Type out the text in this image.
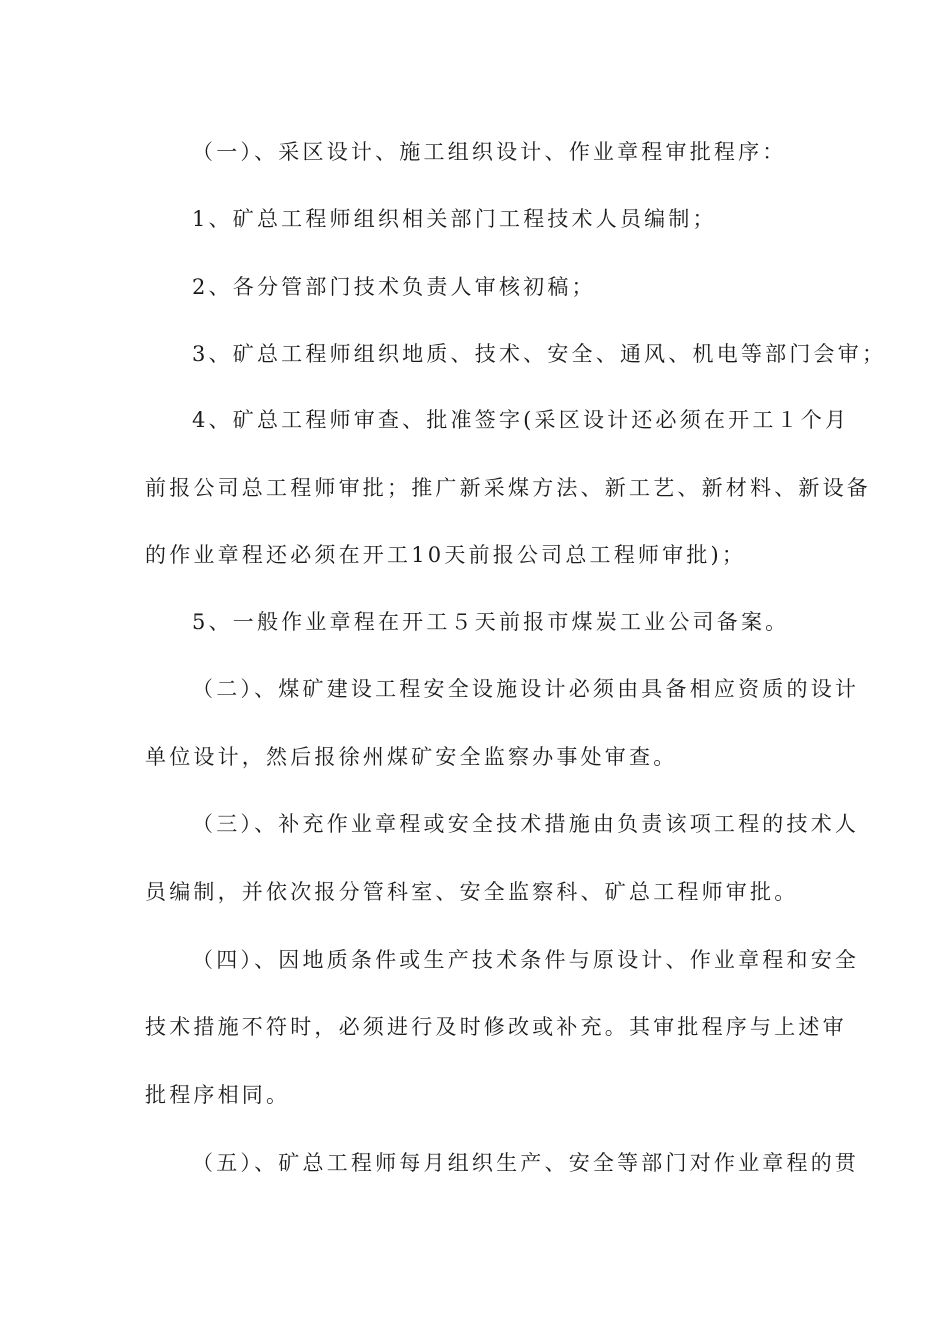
（一）、采区设计、施工组织设计、作业章程审批程序：
1、矿总工程师组织相关部门工程技术人员编制；
2、各分管部门技术负责人审核初稿；
3、矿总工程师组织地质、技术、安全、通风、机电等部门会审；
4、矿总工程师审查、批准签字(采区设计还必须在开工１个月
前报公司总工程师审批；推广新采煤方法、新工艺、新材料、新设备
的作业章程还必须在开工10天前报公司总工程师审批)；
5、一般作业章程在开工５天前报市煤炭工业公司备案。
（二）、煤矿建设工程安全设施设计必须由具备相应资质的设计
单位设计，然后报徐州煤矿安全监察办事处审查。
（三）、补充作业章程或安全技术措施由负责该项工程的技术人
员编制，并依次报分管科室、安全监察科、矿总工程师审批。
（四）、因地质条件或生产技术条件与原设计、作业章程和安全
技术措施不符时，必须进行及时修改或补充。其审批程序与上述审
批程序相同。
（五）、矿总工程师每月组织生产、安全等部门对作业章程的贯
